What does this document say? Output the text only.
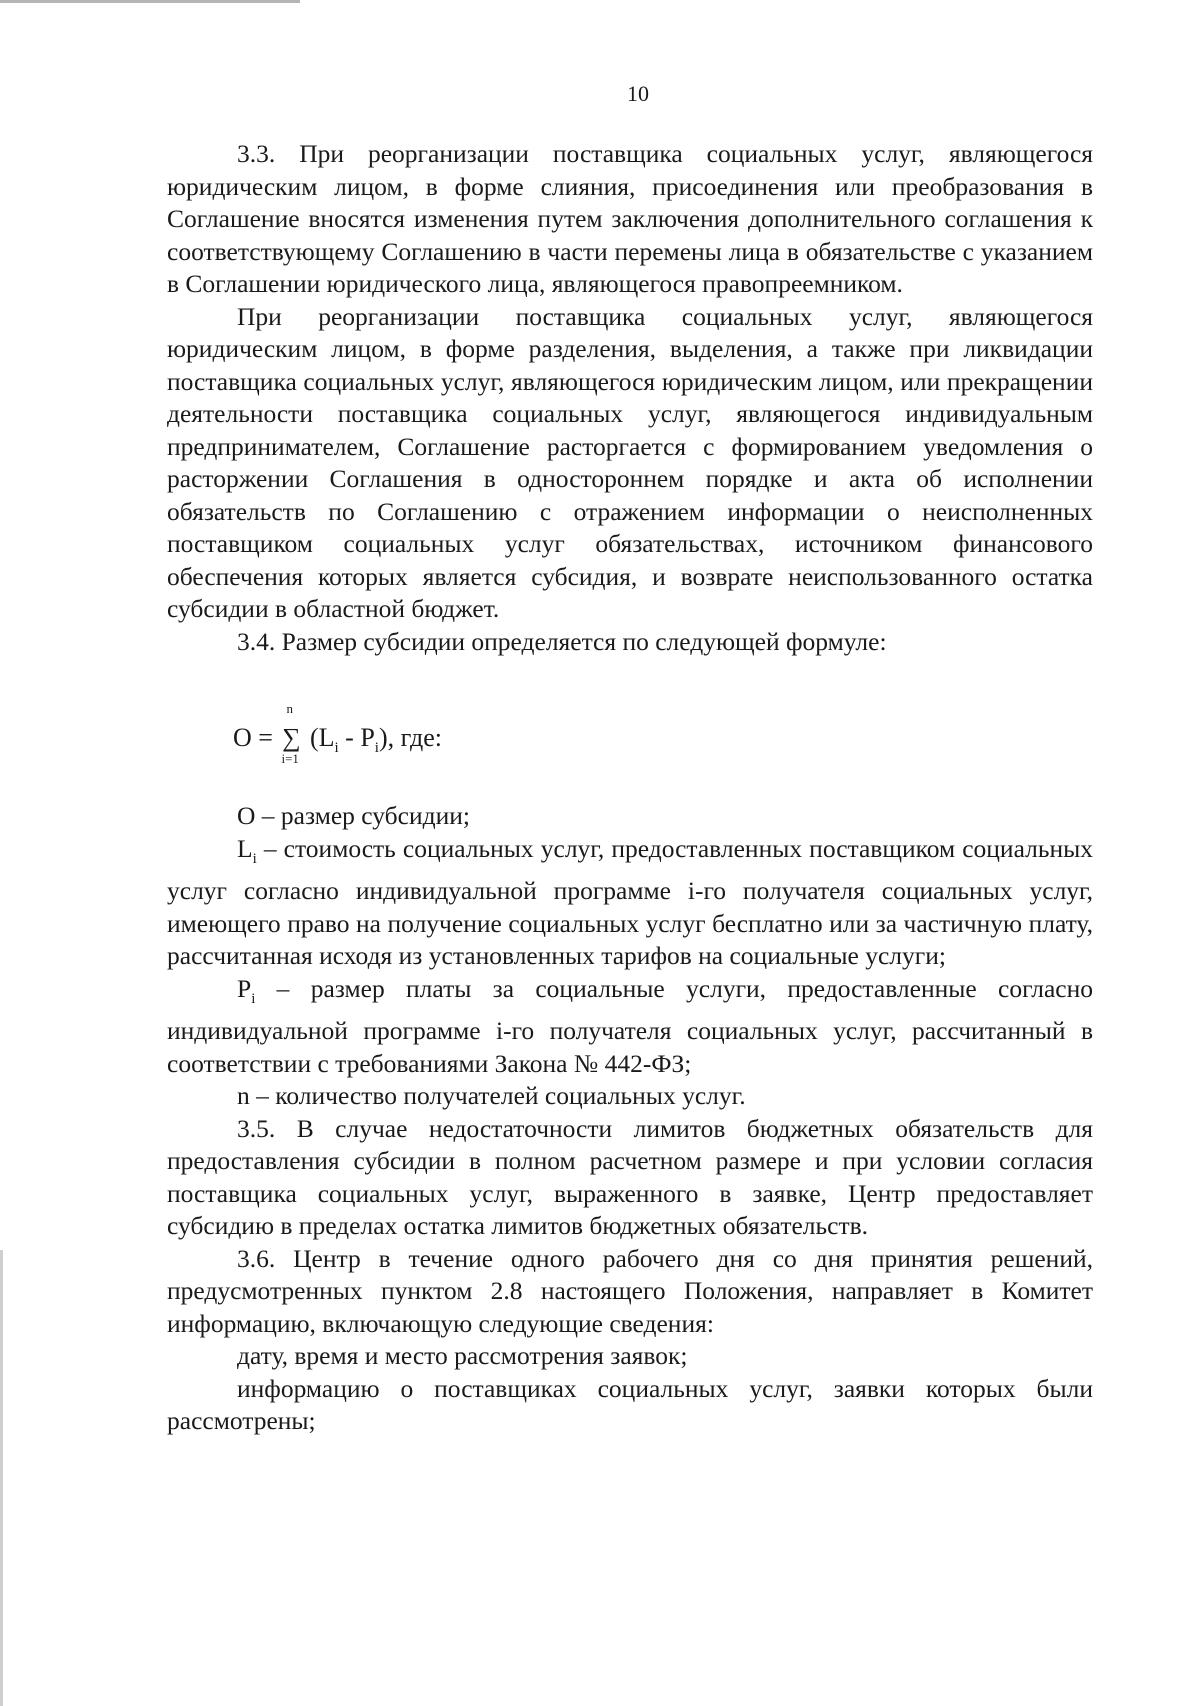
10

3.3. При реорганизации поставщика социальных услуг, являющегося юридическим лицом, в форме слияния, присоединения или преобразования в Соглашение вносятся изменения путем заключения дополнительного соглашения к соответствующему Соглашению в части перемены лица в обязательстве с указанием в Соглашении юридического лица, являющегося правопреемником.

При реорганизации поставщика социальных услуг, являющегося юридическим лицом, в форме разделения, выделения, а также при ликвидации поставщика социальных услуг, являющегося юридическим лицом, или прекращении деятельности поставщика социальных услуг, являющегося индивидуальным предпринимателем, Соглашение расторгается с формированием уведомления о расторжении Соглашения в одностороннем порядке и акта об исполнении обязательств по Соглашению с отражением информации о неисполненных поставщиком социальных услуг обязательствах, источником финансового обеспечения которых является субсидия, и возврате неиспользованного остатка субсидии в областной бюджет.

3.4. Размер субсидии определяется по следующей формуле:

O =
n
∑
i=1
$(L_i - P_i)$, где:

O – размер субсидии;

$L_i$ – стоимость социальных услуг, предоставленных поставщиком социальных услуг согласно индивидуальной программе i-го получателя социальных услуг, имеющего право на получение социальных услуг бесплатно или за частичную плату, рассчитанная исходя из установленных тарифов на социальные услуги;

$P_i$ – размер платы за социальные услуги, предоставленные согласно индивидуальной программе i-го получателя социальных услуг, рассчитанный в соответствии с требованиями Закона № 442-ФЗ;

n – количество получателей социальных услуг.

3.5. В случае недостаточности лимитов бюджетных обязательств для предоставления субсидии в полном расчетном размере и при условии согласия поставщика социальных услуг, выраженного в заявке, Центр предоставляет субсидию в пределах остатка лимитов бюджетных обязательств.

3.6. Центр в течение одного рабочего дня со дня принятия решений, предусмотренных пунктом 2.8 настоящего Положения, направляет в Комитет информацию, включающую следующие сведения:

дату, время и место рассмотрения заявок;

информацию о поставщиках социальных услуг, заявки которых были рассмотрены;
